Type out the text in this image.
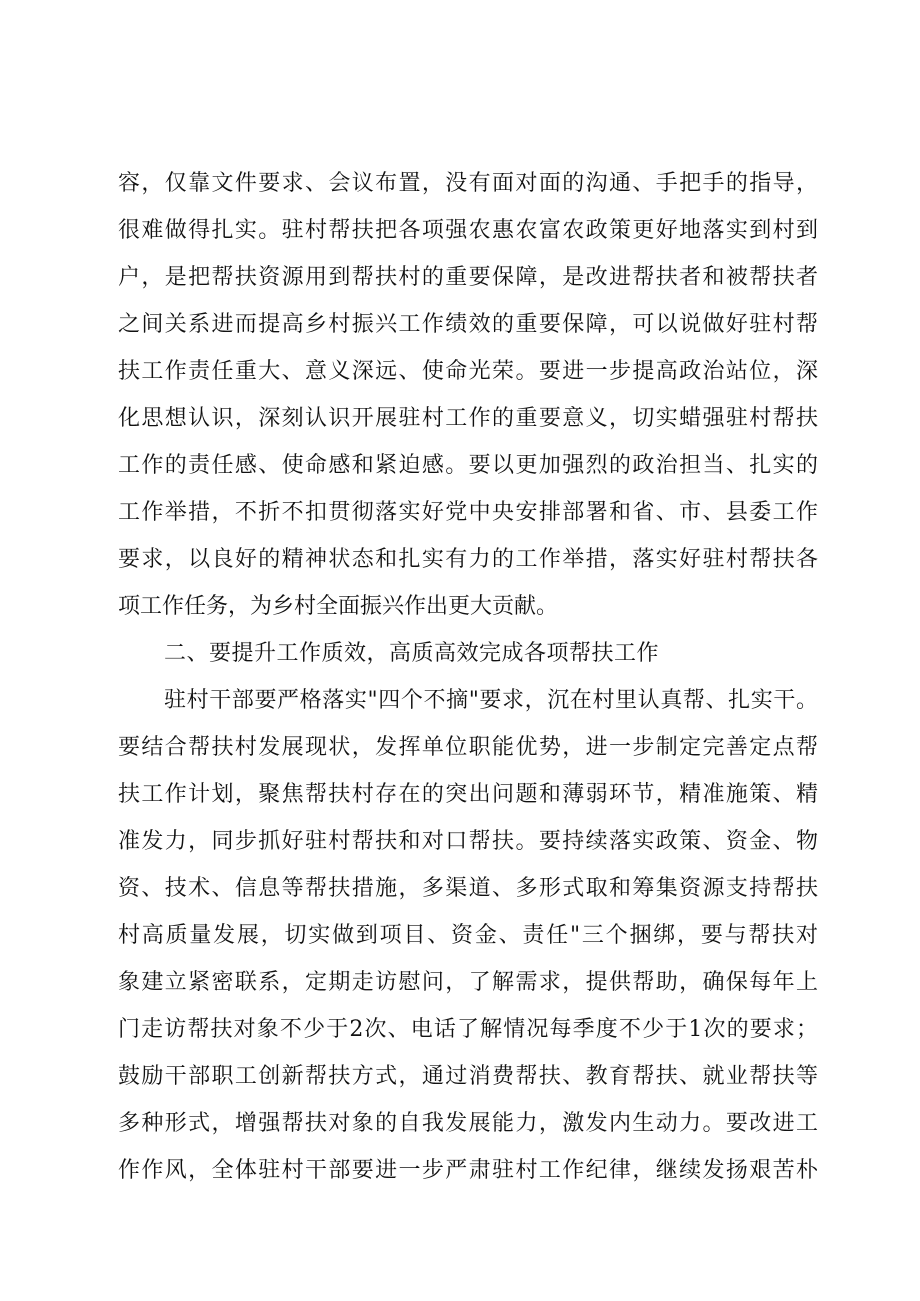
容，仅靠文件要求、会议布置，没有面对面的沟通、手把手的指导，
很难做得扎实。驻村帮扶把各项强农惠农富农政策更好地落实到村到
户，是把帮扶资源用到帮扶村的重要保障，是改进帮扶者和被帮扶者
之间关系进而提高乡村振兴工作绩效的重要保障，可以说做好驻村帮
扶工作责任重大、意义深远、使命光荣。要进一步提高政治站位，深
化思想认识，深刻认识开展驻村工作的重要意义，切实蜡强驻村帮扶
工作的责任感、使命感和紧迫感。要以更加强烈的政治担当、扎实的
工作举措，不折不扣贯彻落实好党中央安排部署和省、市、县委工作
要求，以良好的精神状态和扎实有力的工作举措，落实好驻村帮扶各
项工作任务，为乡村全面振兴作出更大贡献。
二、要提升工作质效，高质高效完成各项帮扶工作
驻村干部要严格落实"四个不摘"要求，沉在村里认真帮、扎实干。
要结合帮扶村发展现状，发挥单位职能优势，进一步制定完善定点帮
扶工作计划，聚焦帮扶村存在的突出问题和薄弱环节，精准施策、精
准发力，同步抓好驻村帮扶和对口帮扶。要持续落实政策、资金、物
资、技术、信息等帮扶措施，多渠道、多形式取和筹集资源支持帮扶
村高质量发展，切实做到项目、资金、责任"三个捆绑，要与帮扶对
象建立紧密联系，定期走访慰问，了解需求，提供帮助，确保每年上
门走访帮扶对象不少于2次、电话了解情况每季度不少于1次的要求；
鼓励干部职工创新帮扶方式，通过消费帮扶、教育帮扶、就业帮扶等
多种形式，增强帮扶对象的自我发展能力，激发内生动力。要改进工
作作风，全体驻村干部要进一步严肃驻村工作纪律，继续发扬艰苦朴
